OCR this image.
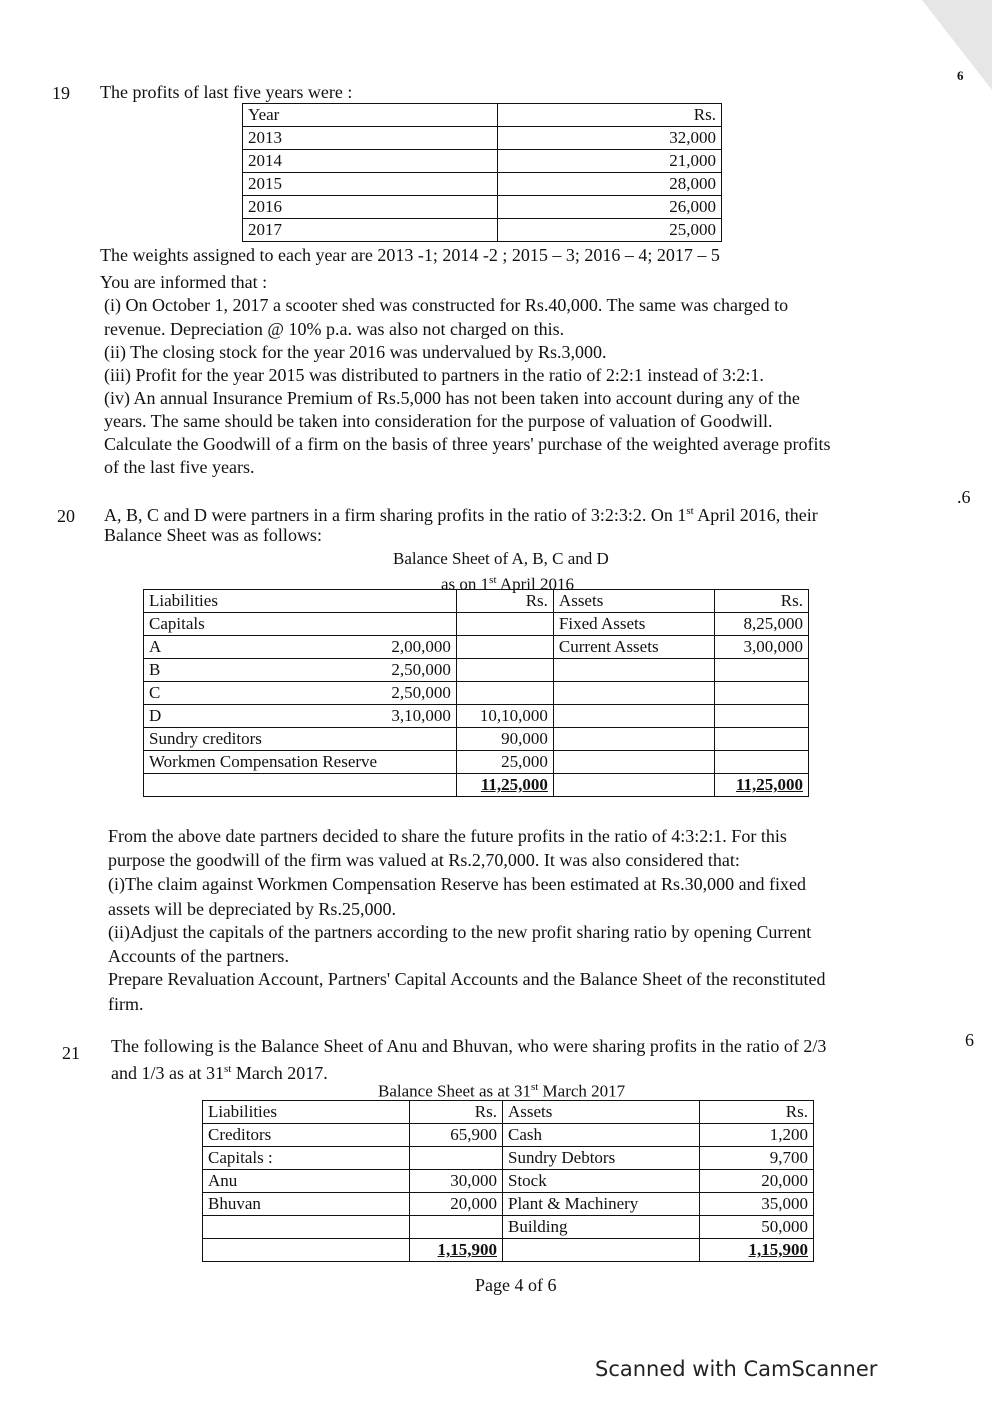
6
19 The profits of last five years were :
Year	Rs.
2013	32,000
2014	21,000
2015	28,000
2016	26,000
2017	25,000
The weights assigned to each year are 2013 -1; 2014 -2 ; 2015 – 3; 2016 – 4; 2017 – 5
You are informed that :
(i) On October 1, 2017 a scooter shed was constructed for Rs.40,000. The same was charged to
revenue. Depreciation @ 10% p.a. was also not charged on this.
(ii) The closing stock for the year 2016 was undervalued by Rs.3,000.
(iii) Profit for the year 2015 was distributed to partners in the ratio of 2:2:1 instead of 3:2:1.
(iv) An annual Insurance Premium of Rs.5,000 has not been taken into account during any of the
years. The same should be taken into consideration for the purpose of valuation of Goodwill.
Calculate the Goodwill of a firm on the basis of three years' purchase of the weighted average profits
of the last five years.
20
.6
A, B, C and D were partners in a firm sharing profits in the ratio of 3:2:3:2. On 1st April 2016, their
Balance Sheet was as follows:
Balance Sheet of A, B, C and D
as on 1st April 2016
Liabilities		Rs.	Assets	Rs.
Capitals			Fixed Assets	8,25,000
A	2,00,000		Current Assets	3,00,000
B	2,50,000			
C	2,50,000			
D	3,10,000	10,10,000		
Sundry creditors		90,000		
Workmen Compensation Reserve		25,000		
		11,25,000		11,25,000
From the above date partners decided to share the future profits in the ratio of 4:3:2:1. For this
purpose the goodwill of the firm was valued at Rs.2,70,000. It was also considered that:
(i)The claim against Workmen Compensation Reserve has been estimated at Rs.30,000 and fixed
assets will be depreciated by Rs.25,000.
(ii)Adjust the capitals of the partners according to the new profit sharing ratio by opening Current
Accounts of the partners.
Prepare Revaluation Account, Partners' Capital Accounts and the Balance Sheet of the reconstituted
firm.
21
6
The following is the Balance Sheet of Anu and Bhuvan, who were sharing profits in the ratio of 2/3
and 1/3 as at 31st March 2017.
Balance Sheet as at 31st March 2017
Liabilities	Rs.	Assets	Rs.
Creditors	65,900	Cash	1,200
Capitals :		Sundry Debtors	9,700
Anu	30,000	Stock	20,000
Bhuvan	20,000	Plant & Machinery	35,000
		Building	50,000
	1,15,900		1,15,900
Page 4 of 6
Scanned with CamScanner
